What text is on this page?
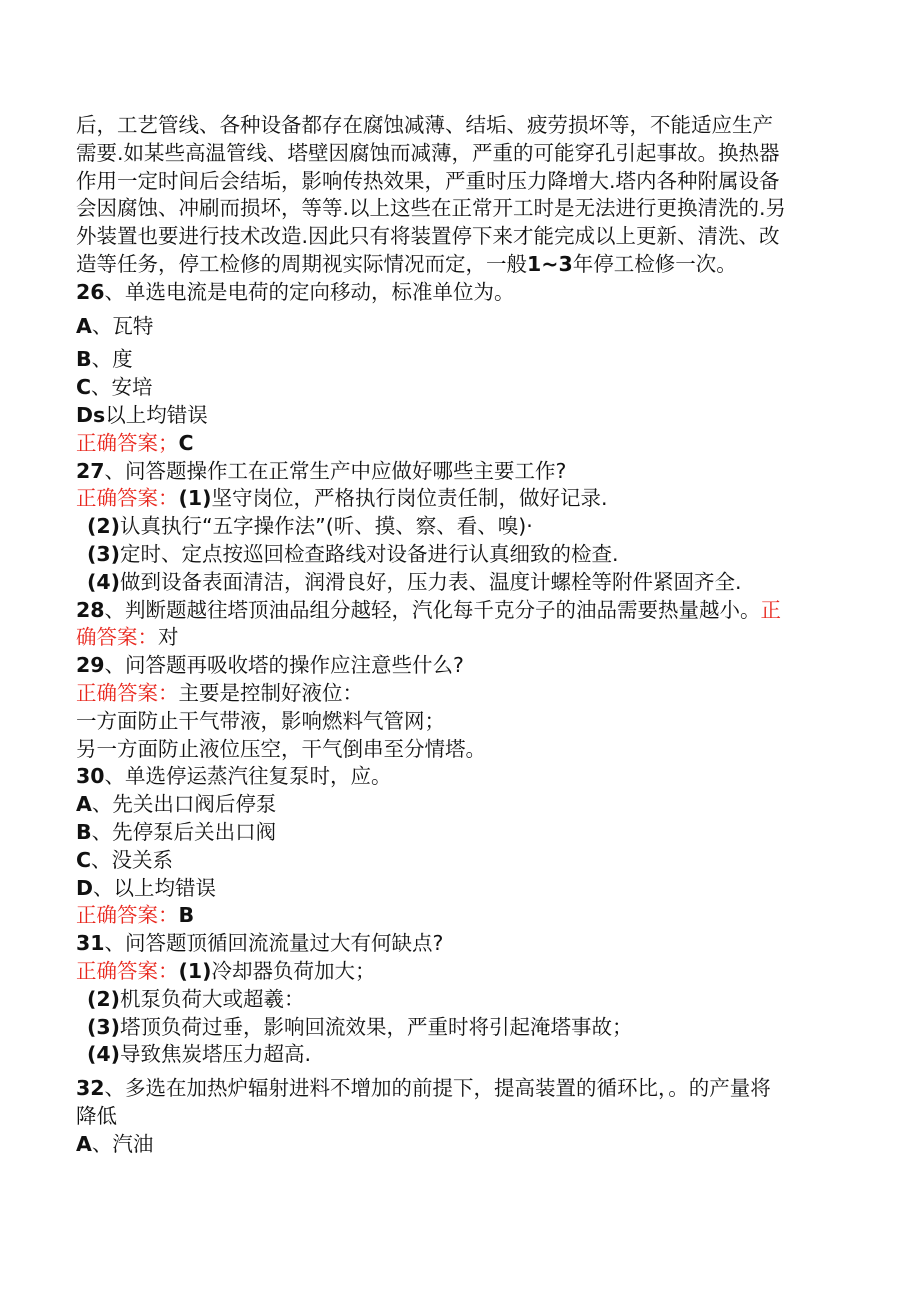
后，工艺管线、各种设备都存在腐蚀减薄、结垢、疲劳损坏等，不能适应生产
需要.如某些高温管线、塔壁因腐蚀而减薄，严重的可能穿孔引起事故。换热器
作用一定时间后会结垢，影响传热效果，严重时压力降增大.塔内各种附属设备
会因腐蚀、冲刷而损坏，等等.以上这些在正常开工时是无法进行更换清洗的.另
外装置也要进行技术改造.因此只有将装置停下来才能完成以上更新、清洗、改
造等任务，停工检修的周期视实际情况而定，一般1~3年停工检修一次。
26、单选电流是电荷的定向移动，标准单位为。
A、瓦特
B、度
C、安培
Ds以上均错误
正确答案；C
27、问答题操作工在正常生产中应做好哪些主要工作?
正确答案：(1)坚守岗位，严格执行岗位责任制，做好记录.
(2)认真执行“五字操作法”(听、摸、察、看、嗅)·
(3)定时、定点按巡回检查路线对设备进行认真细致的检查.
(4)做到设备表面清洁，润滑良好，压力表、温度计螺栓等附件紧固齐全.
28、判断题越往塔顶油品组分越轻，汽化每千克分子的油品需要热量越小。正
确答案：对
29、问答题再吸收塔的操作应注意些什么?
正确答案：主要是控制好液位：
一方面防止干气带液，影响燃料气管网；
另一方面防止液位压空，干气倒串至分情塔。
30、单选停运蒸汽往复泵时，应。
A、先关出口阀后停泵
B、先停泵后关出口阀
C、没关系
D、以上均错误
正确答案：B
31、问答题顶循回流流量过大有何缺点?
正确答案：(1)冷却器负荷加大；
(2)机泵负荷大或超羲：
(3)塔顶负荷过垂，影响回流效果，严重时将引起淹塔事故；
(4)导致焦炭塔压力超高.
32、多选在加热炉辐射进料不增加的前提下，提高装置的循环比，。的产量将
降低
A、汽油
